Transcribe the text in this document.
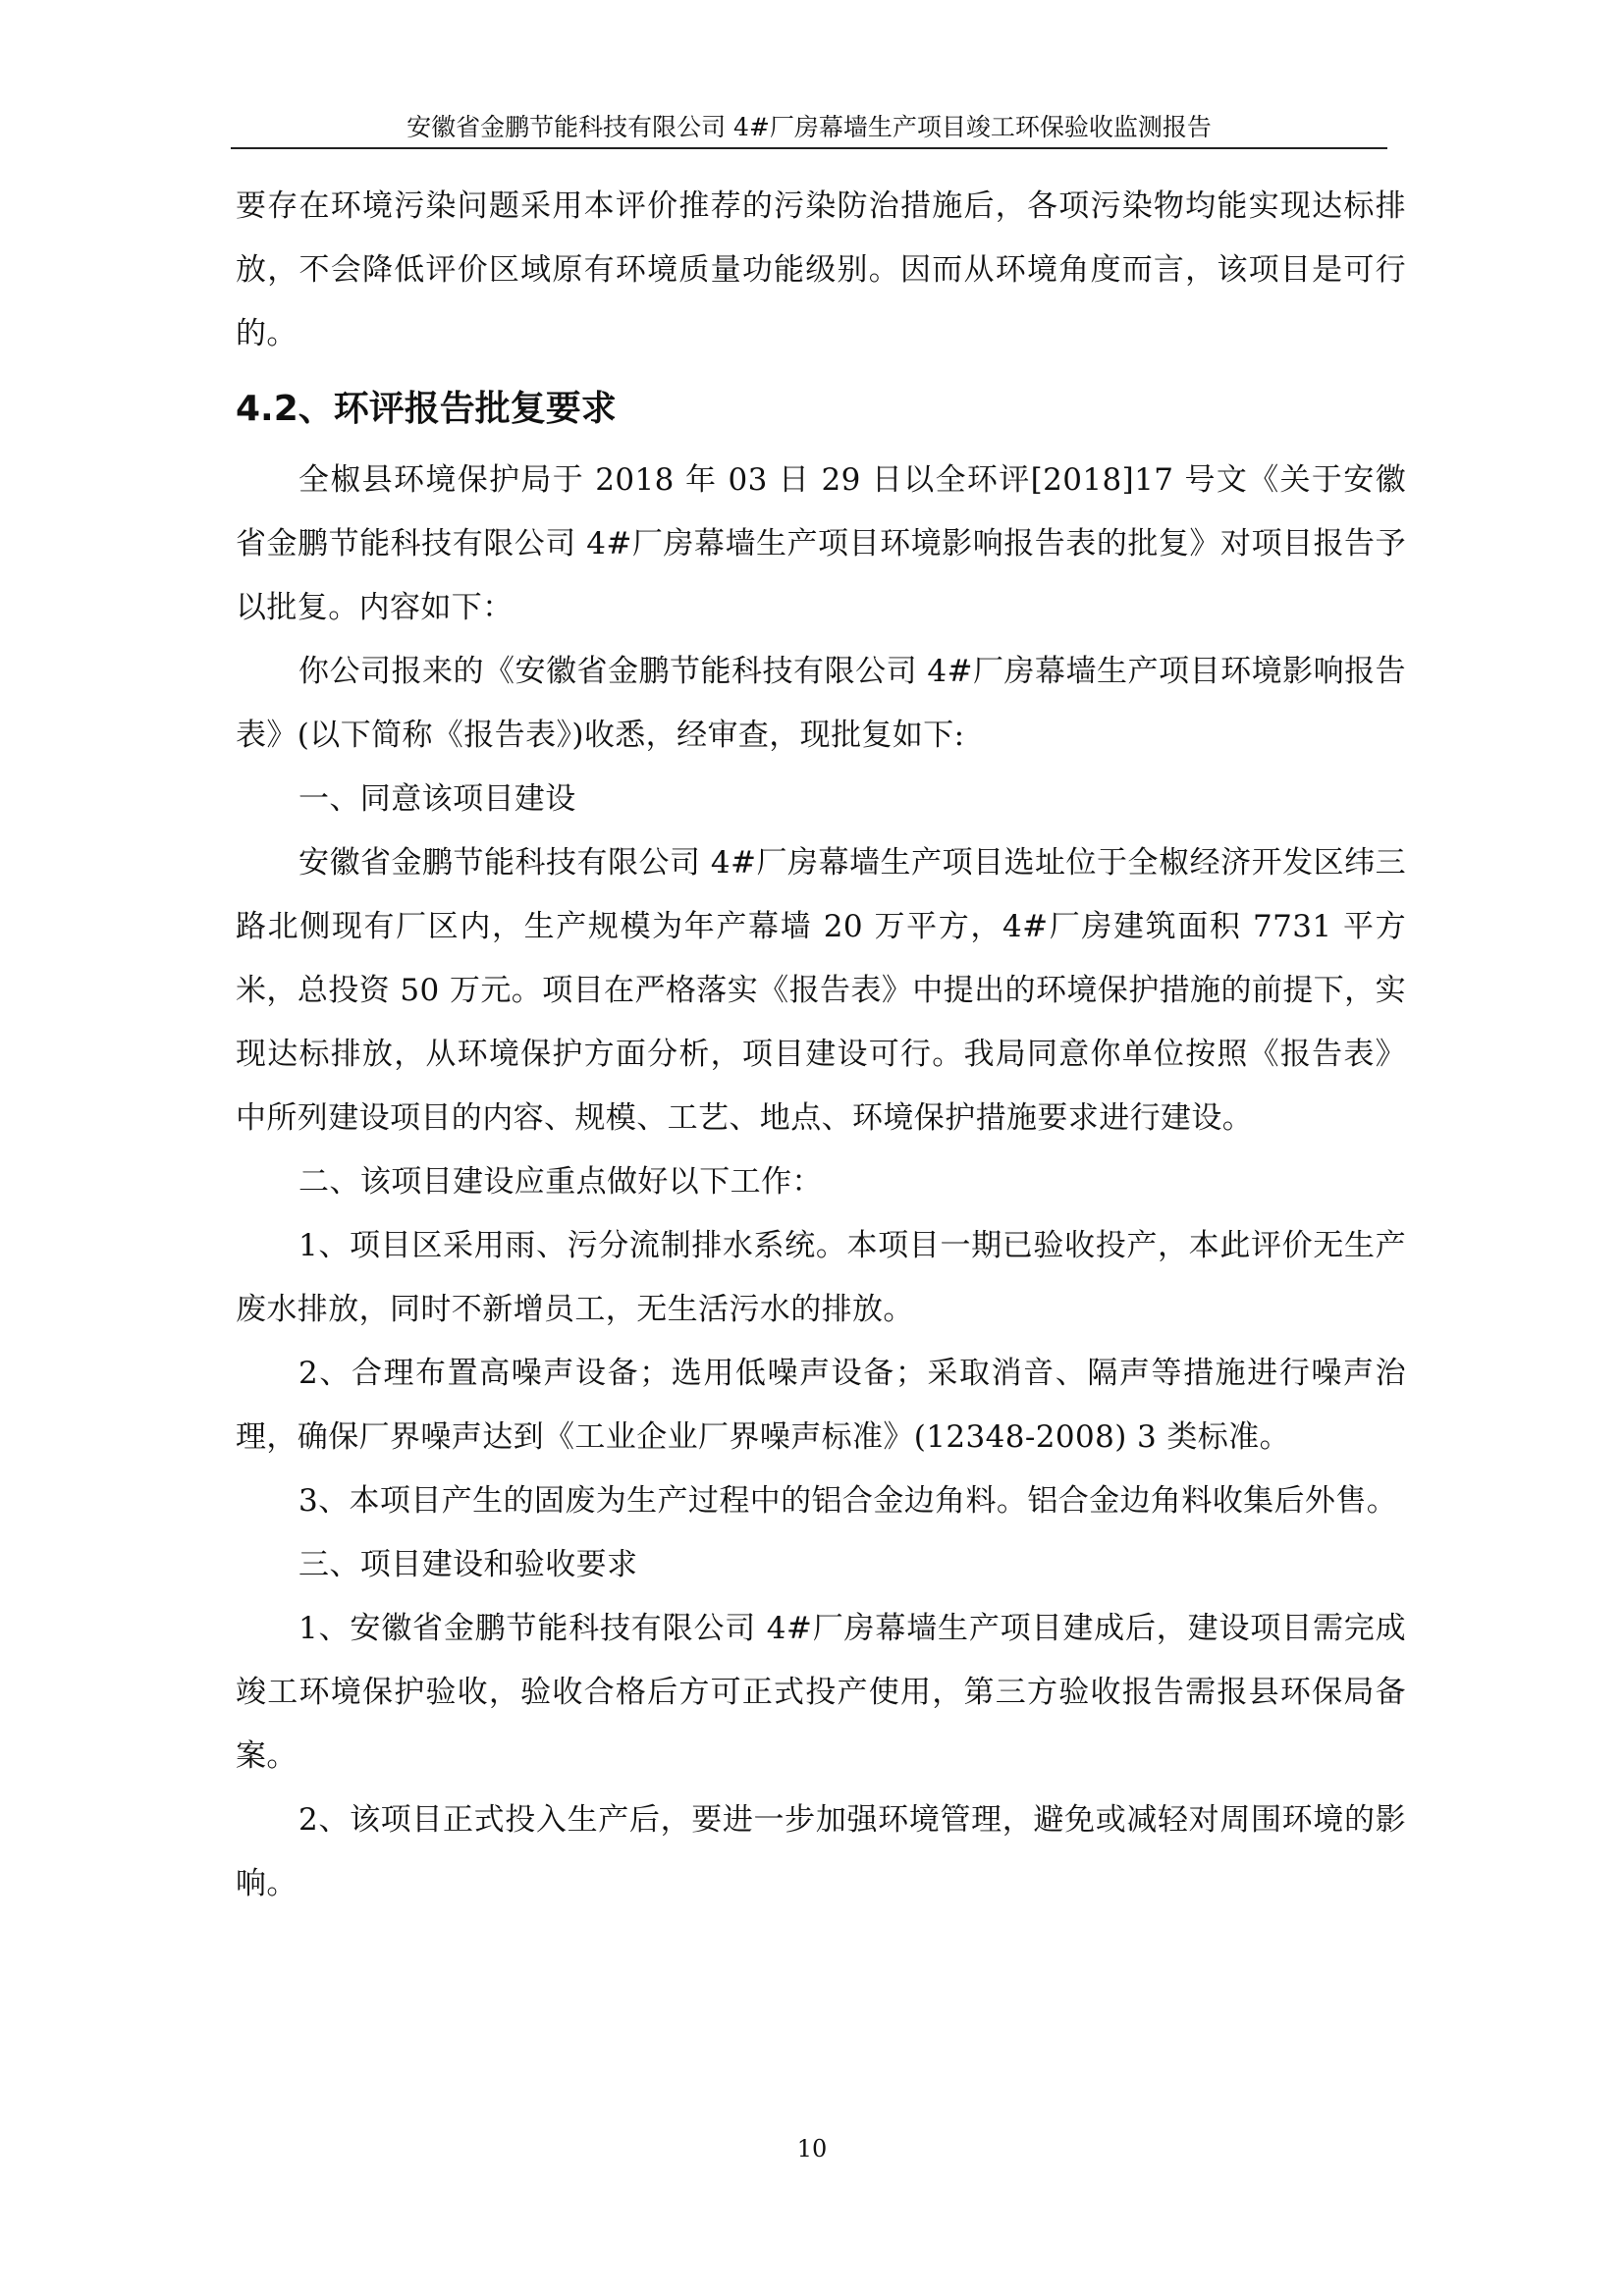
安徽省金鹏节能科技有限公司 4#厂房幕墙生产项目竣工环保验收监测报告

要存在环境污染问题采用本评价推荐的污染防治措施后，各项污染物均能实现达标排放，不会降低评价区域原有环境质量功能级别。因而从环境角度而言，该项目是可行的。

4.2、环评报告批复要求

全椒县环境保护局于 2018 年 03 日 29 日以全环评[2018]17 号文《关于安徽省金鹏节能科技有限公司 4#厂房幕墙生产项目环境影响报告表的批复》对项目报告予以批复。内容如下：

你公司报来的《安徽省金鹏节能科技有限公司 4#厂房幕墙生产项目环境影响报告表》(以下简称《报告表》)收悉，经审查，现批复如下:

一、同意该项目建设

安徽省金鹏节能科技有限公司 4#厂房幕墙生产项目选址位于全椒经济开发区纬三路北侧现有厂区内，生产规模为年产幕墙 20 万平方，4#厂房建筑面积 7731 平方米，总投资 50 万元。项目在严格落实《报告表》中提出的环境保护措施的前提下，实现达标排放，从环境保护方面分析，项目建设可行。我局同意你单位按照《报告表》中所列建设项目的内容、规模、工艺、地点、环境保护措施要求进行建设。

二、该项目建设应重点做好以下工作：

1、项目区采用雨、污分流制排水系统。本项目一期已验收投产，本此评价无生产废水排放，同时不新增员工，无生活污水的排放。

2、合理布置高噪声设备；选用低噪声设备；采取消音、隔声等措施进行噪声治理，确保厂界噪声达到《工业企业厂界噪声标准》(12348-2008) 3 类标准。

3、本项目产生的固废为生产过程中的铝合金边角料。铝合金边角料收集后外售。

三、项目建设和验收要求

1、安徽省金鹏节能科技有限公司 4#厂房幕墙生产项目建成后，建设项目需完成竣工环境保护验收，验收合格后方可正式投产使用，第三方验收报告需报县环保局备案。

2、该项目正式投入生产后，要进一步加强环境管理，避免或减轻对周围环境的影响。

10
